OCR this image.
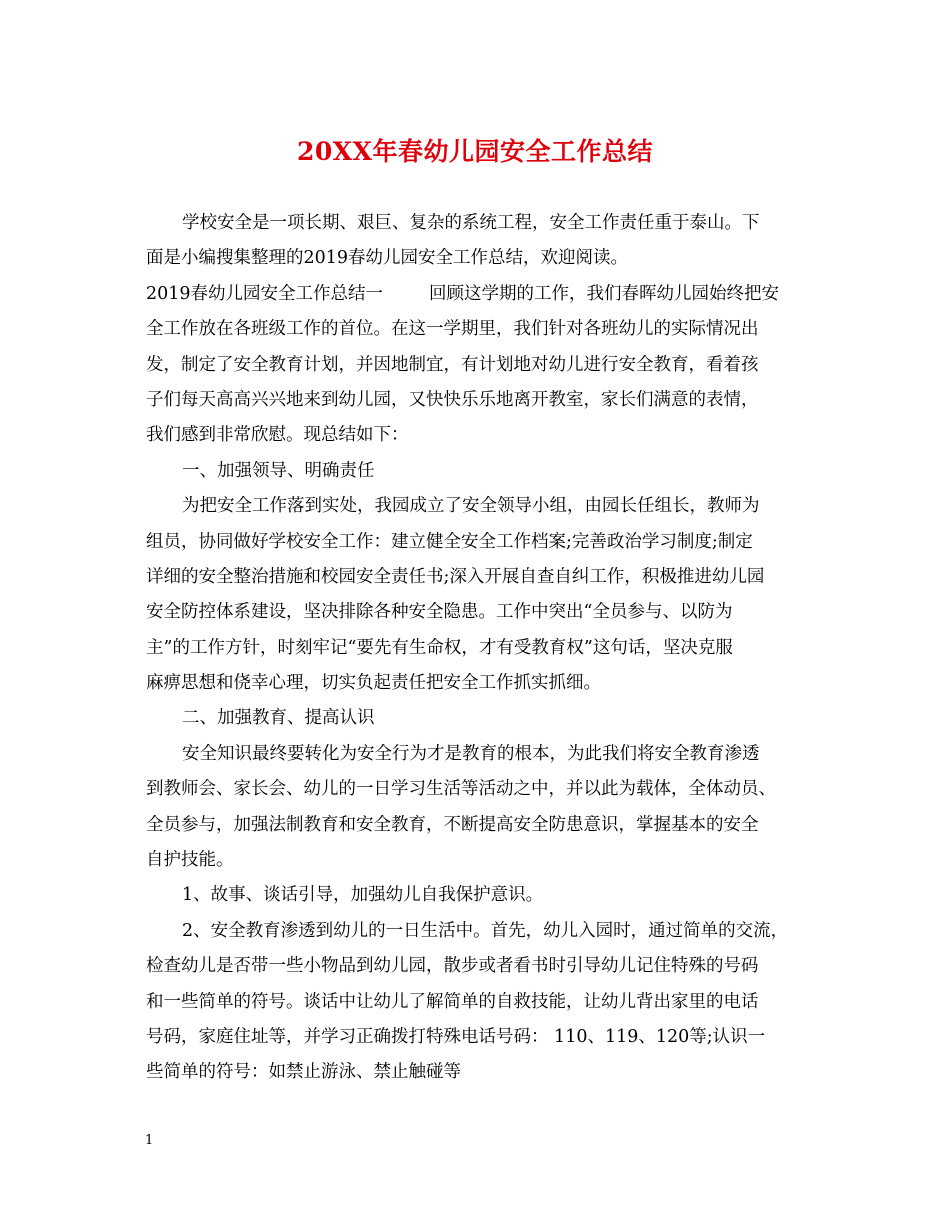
20XX年春幼儿园安全工作总结
学校安全是一项长期、艰巨、复杂的系统工程，安全工作责任重于泰山。下
面是小编搜集整理的2019春幼儿园安全工作总结，欢迎阅读。
2019春幼儿园安全工作总结一	回顾这学期的工作，我们春晖幼儿园始终把安
全工作放在各班级工作的首位。在这一学期里，我们针对各班幼儿的实际情况出
发，制定了安全教育计划，并因地制宜，有计划地对幼儿进行安全教育，看着孩
子们每天高高兴兴地来到幼儿园，又快快乐乐地离开教室，家长们满意的表情，
我们感到非常欣慰。现总结如下：
一、加强领导、明确责任
为把安全工作落到实处，我园成立了安全领导小组，由园长任组长，教师为
组员，协同做好学校安全工作：建立健全安全工作档案;完善政治学习制度;制定
详细的安全整治措施和校园安全责任书;深入开展自查自纠工作，积极推进幼儿园
安全防控体系建设，坚决排除各种安全隐患。工作中突出“全员参与、以防为
主”的工作方针，时刻牢记“要先有生命权，才有受教育权”这句话，坚决克服
麻痹思想和侥幸心理，切实负起责任把安全工作抓实抓细。
二、加强教育、提高认识
安全知识最终要转化为安全行为才是教育的根本，为此我们将安全教育渗透
到教师会、家长会、幼儿的一日学习生活等活动之中，并以此为载体，全体动员、
全员参与，加强法制教育和安全教育，不断提高安全防患意识，掌握基本的安全
自护技能。
1、故事、谈话引导，加强幼儿自我保护意识。
2、安全教育渗透到幼儿的一日生活中。首先，幼儿入园时，通过简单的交流，
检查幼儿是否带一些小物品到幼儿园，散步或者看书时引导幼儿记住特殊的号码
和一些简单的符号。谈话中让幼儿了解简单的自救技能，让幼儿背出家里的电话
号码，家庭住址等，并学习正确拨打特殊电话号码： 110、119、120等;认识一
些简单的符号：如禁止游泳、禁止触碰等
1
